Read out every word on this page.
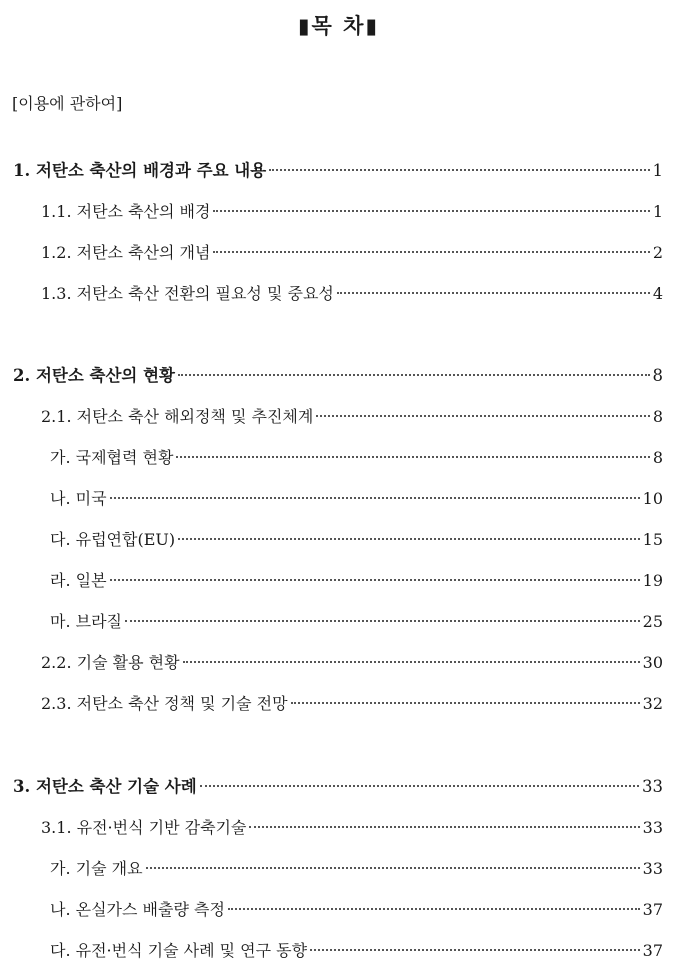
▮목 차▮
[이용에 관하여]
1. 저탄소 축산의 배경과 주요 내용	1
1.1. 저탄소 축산의 배경	1
1.2. 저탄소 축산의 개념	2
1.3. 저탄소 축산 전환의 필요성 및 중요성	4
2. 저탄소 축산의 현황	8
2.1. 저탄소 축산 해외정책 및 추진체계	8
가. 국제협력 현황	8
나. 미국	10
다. 유럽연합(EU)	15
라. 일본	19
마. 브라질	25
2.2. 기술 활용 현황	30
2.3. 저탄소 축산 정책 및 기술 전망	32
3. 저탄소 축산 기술 사례	33
3.1. 유전·번식 기반 감축기술	33
가. 기술 개요	33
나. 온실가스 배출량 측정	37
다. 유전·번식 기술 사례 및 연구 동향	37
